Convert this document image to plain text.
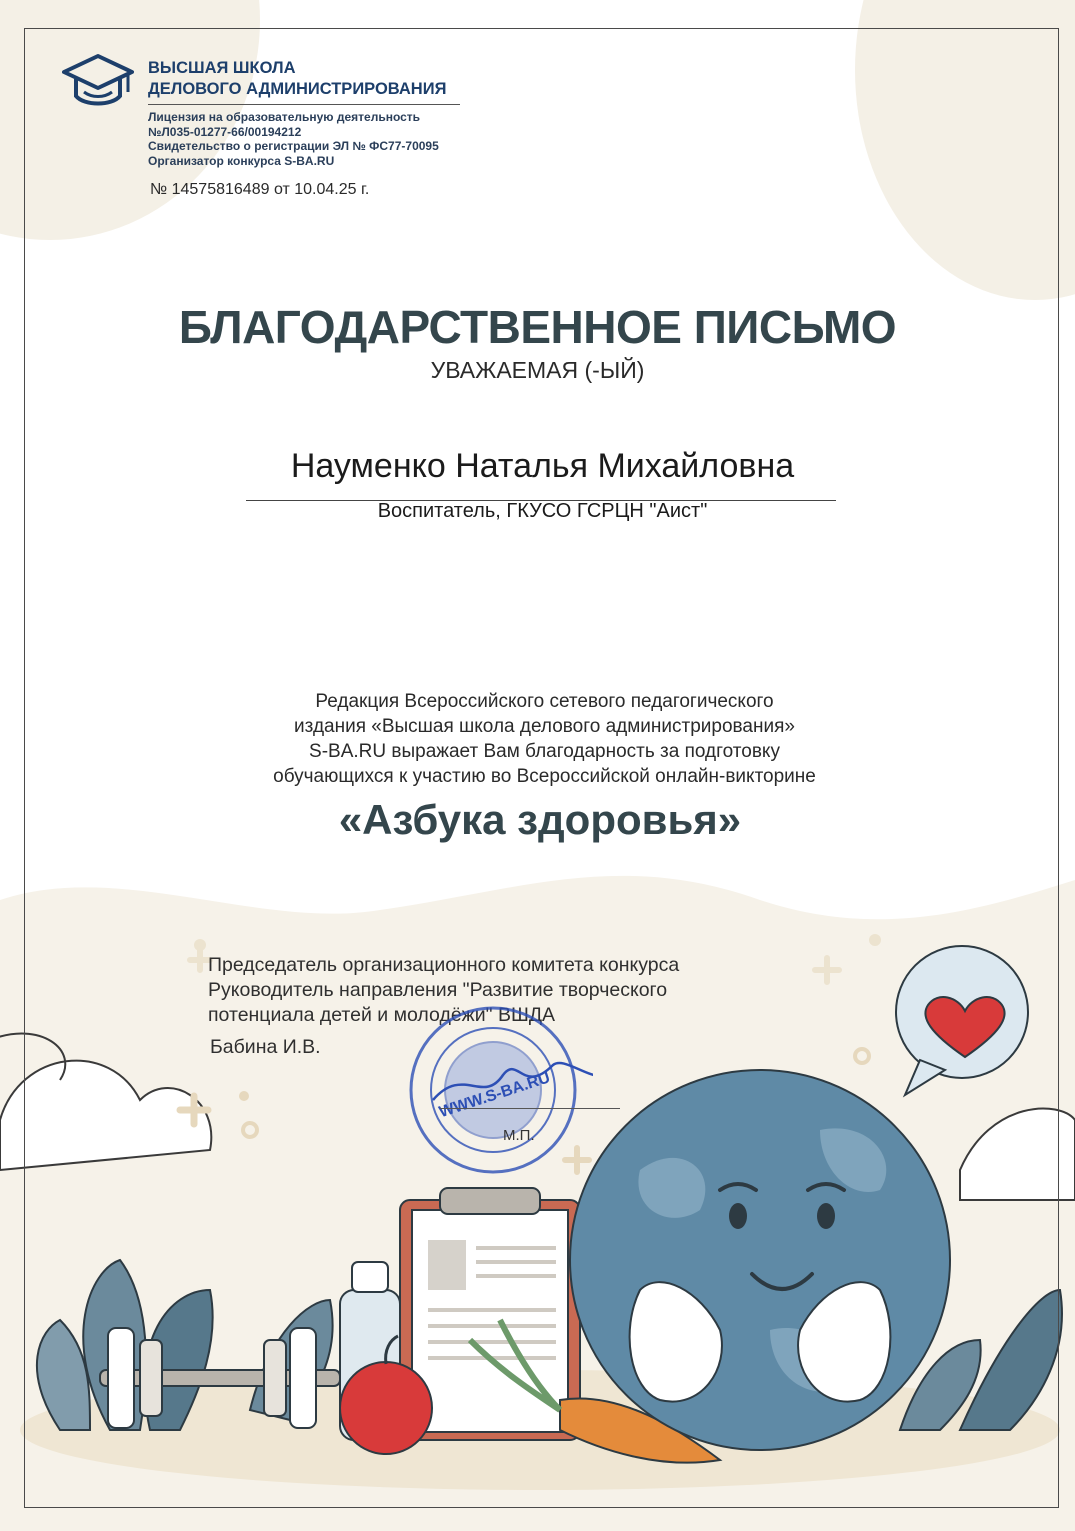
ВЫСШАЯ ШКОЛА
ДЕЛОВОГО АДМИНИСТРИРОВАНИЯ
Лицензия на образовательную деятельность
№Л035-01277-66/00194212
Свидетельство о регистрации ЭЛ № ФС77-70095
Организатор конкурса S-BA.RU
№ 14575816489 от 10.04.25 г.
БЛАГОДАРСТВЕННОЕ ПИСЬМО
УВАЖАЕМАЯ (-ЫЙ)
Науменко Наталья Михайловна
Воспитатель, ГКУСО ГСРЦН "Аист"
Редакция Всероссийского сетевого педагогического
издания «Высшая школа делового администрирования»
S-BA.RU выражает Вам благодарность за подготовку
обучающихся к участию во Всероссийской онлайн-викторине
«Азбука здоровья»
Председатель организационного комитета конкурса
Руководитель направления "Развитие творческого
потенциала детей и молодёжи" ВШДА
Бабина И.В.
WWW.S-BA.RU
М.П.
